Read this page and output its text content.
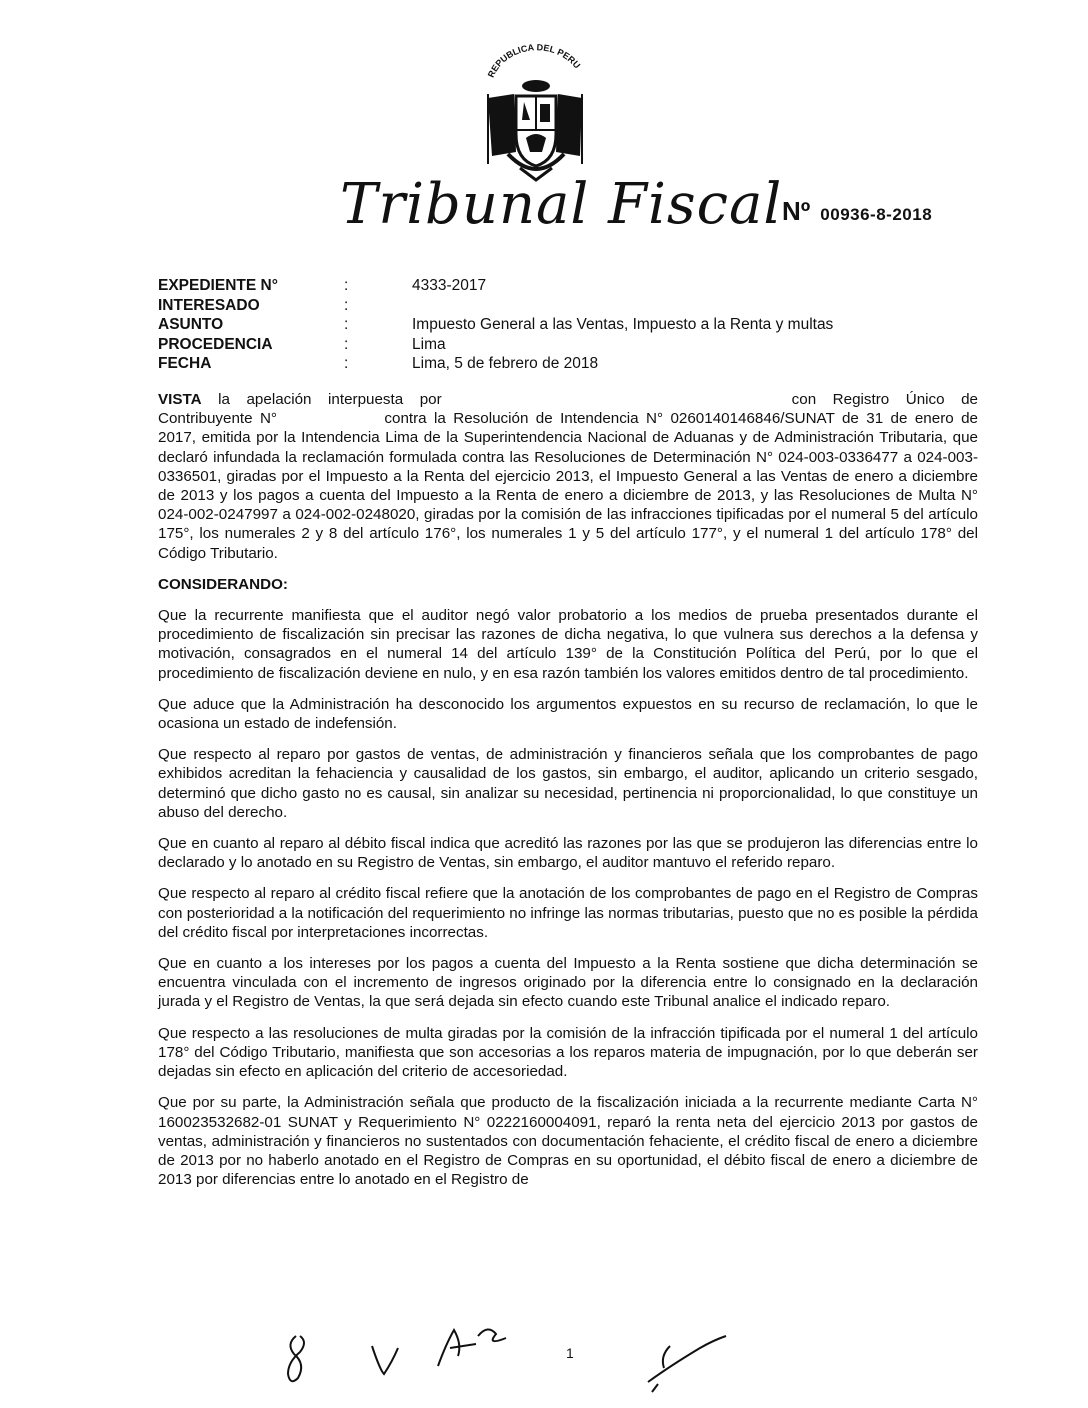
REPUBLICA DEL PERU
Tribunal Fiscal Nº 00936-8-2018
EXPEDIENTE N°	:	4333-2017
INTERESADO	:
ASUNTO	:	Impuesto General a las Ventas, Impuesto a la Renta y multas
PROCEDENCIA	:	Lima
FECHA	:	Lima, 5 de febrero de 2018

VISTA la apelación interpuesta por	con Registro Único de Contribuyente N°	contra la Resolución de Intendencia N° 0260140146846/SUNAT de 31 de enero de 2017, emitida por la Intendencia Lima de la Superintendencia Nacional de Aduanas y de Administración Tributaria, que declaró infundada la reclamación formulada contra las Resoluciones de Determinación N° 024-003-0336477 a 024-003-0336501, giradas por el Impuesto a la Renta del ejercicio 2013, el Impuesto General a las Ventas de enero a diciembre de 2013 y los pagos a cuenta del Impuesto a la Renta de enero a diciembre de 2013, y las Resoluciones de Multa N° 024-002-0247997 a 024-002-0248020, giradas por la comisión de las infracciones tipificadas por el numeral 5 del artículo 175°, los numerales 2 y 8 del artículo 176°, los numerales 1 y 5 del artículo 177°, y el numeral 1 del artículo 178° del Código Tributario.

CONSIDERANDO:

Que la recurrente manifiesta que el auditor negó valor probatorio a los medios de prueba presentados durante el procedimiento de fiscalización sin precisar las razones de dicha negativa, lo que vulnera sus derechos a la defensa y motivación, consagrados en el numeral 14 del artículo 139° de la Constitución Política del Perú, por lo que el procedimiento de fiscalización deviene en nulo, y en esa razón también los valores emitidos dentro de tal procedimiento.

Que aduce que la Administración ha desconocido los argumentos expuestos en su recurso de reclamación, lo que le ocasiona un estado de indefensión.

Que respecto al reparo por gastos de ventas, de administración y financieros señala que los comprobantes de pago exhibidos acreditan la fehaciencia y causalidad de los gastos, sin embargo, el auditor, aplicando un criterio sesgado, determinó que dicho gasto no es causal, sin analizar su necesidad, pertinencia ni proporcionalidad, lo que constituye un abuso del derecho.

Que en cuanto al reparo al débito fiscal indica que acreditó las razones por las que se produjeron las diferencias entre lo declarado y lo anotado en su Registro de Ventas, sin embargo, el auditor mantuvo el referido reparo.

Que respecto al reparo al crédito fiscal refiere que la anotación de los comprobantes de pago en el Registro de Compras con posterioridad a la notificación del requerimiento no infringe las normas tributarias, puesto que no es posible la pérdida del crédito fiscal por interpretaciones incorrectas.

Que en cuanto a los intereses por los pagos a cuenta del Impuesto a la Renta sostiene que dicha determinación se encuentra vinculada con el incremento de ingresos originado por la diferencia entre lo consignado en la declaración jurada y el Registro de Ventas, la que será dejada sin efecto cuando este Tribunal analice el indicado reparo.

Que respecto a las resoluciones de multa giradas por la comisión de la infracción tipificada por el numeral 1 del artículo 178° del Código Tributario, manifiesta que son accesorias a los reparos materia de impugnación, por lo que deberán ser dejadas sin efecto en aplicación del criterio de accesoriedad.

Que por su parte, la Administración señala que producto de la fiscalización iniciada a la recurrente mediante Carta N° 160023532682-01 SUNAT y Requerimiento N° 0222160004091, reparó la renta neta del ejercicio 2013 por gastos de ventas, administración y financieros no sustentados con documentación fehaciente, el crédito fiscal de enero a diciembre de 2013 por no haberlo anotado en el Registro de Compras en su oportunidad, el débito fiscal de enero a diciembre de 2013 por diferencias entre lo anotado en el Registro de

1
